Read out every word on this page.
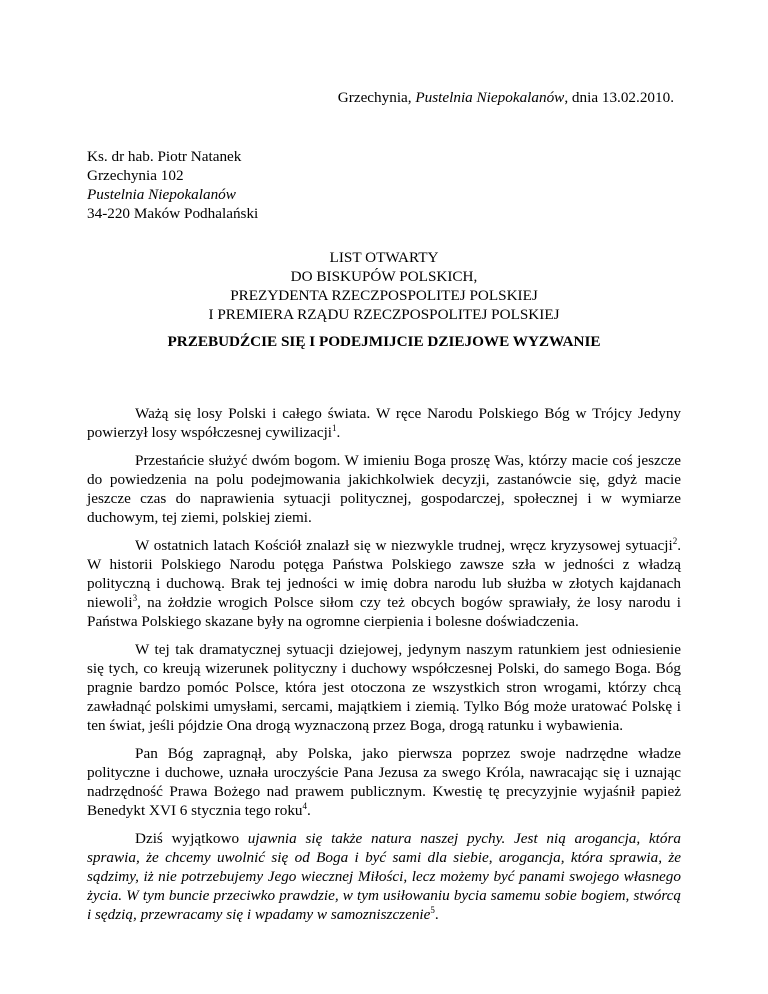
Grzechynia, Pustelnia Niepokalanów, dnia 13.02.2010.
Ks. dr hab. Piotr Natanek
Grzechynia 102
Pustelnia Niepokalanów
34-220 Maków Podhalański
LIST OTWARTY
DO BISKUPÓW POLSKICH,
PREZYDENTA RZECZPOSPOLITEJ POLSKIEJ
I PREMIERA RZĄDU RZECZPOSPOLITEJ POLSKIEJ
PRZEBUDŹCIE SIĘ I PODEJMIJCIE DZIEJOWE WYZWANIE

Ważą się losy Polski i całego świata. W ręce Narodu Polskiego Bóg w Trójcy Jedyny powierzył losy współczesnej cywilizacji$^1$.

Przestańcie służyć dwóm bogom. W imieniu Boga proszę Was, którzy macie coś jeszcze do powiedzenia na polu podejmowania jakichkolwiek decyzji, zastanówcie się, gdyż macie jeszcze czas do naprawienia sytuacji politycznej, gospodarczej, społecznej i w wymiarze duchowym, tej ziemi, polskiej ziemi.

W ostatnich latach Kościół znalazł się w niezwykle trudnej, wręcz kryzysowej sytuacji$^2$. W historii Polskiego Narodu potęga Państwa Polskiego zawsze szła w jedności z władzą polityczną i duchową. Brak tej jedności w imię dobra narodu lub służba w złotych kajdanach niewoli$^3$, na żołdzie wrogich Polsce siłom czy też obcych bogów sprawiały, że losy narodu i Państwa Polskiego skazane były na ogromne cierpienia i bolesne doświadczenia.

W tej tak dramatycznej sytuacji dziejowej, jedynym naszym ratunkiem jest odniesienie się tych, co kreują wizerunek polityczny i duchowy współczesnej Polski, do samego Boga. Bóg pragnie bardzo pomóc Polsce, która jest otoczona ze wszystkich stron wrogami, którzy chcą zawładnąć polskimi umysłami, sercami, majątkiem i ziemią. Tylko Bóg może uratować Polskę i ten świat, jeśli pójdzie Ona drogą wyznaczoną przez Boga, drogą ratunku i wybawienia.

Pan Bóg zapragnął, aby Polska, jako pierwsza poprzez swoje nadrzędne władze polityczne i duchowe, uznała uroczyście Pana Jezusa za swego Króla, nawracając się i uznając nadrzędność Prawa Bożego nad prawem publicznym. Kwestię tę precyzyjnie wyjaśnił papież Benedykt XVI 6 stycznia tego roku$^4$.

Dziś wyjątkowo ujawnia się także natura naszej pychy. Jest nią arogancja, która sprawia, że chcemy uwolnić się od Boga i być sami dla siebie, arogancja, która sprawia, że sądzimy, iż nie potrzebujemy Jego wiecznej Miłości, lecz możemy być panami swojego własnego życia. W tym buncie przeciwko prawdzie, w tym usiłowaniu bycia samemu sobie bogiem, stwórcą i sędzią, przewracamy się i wpadamy w samozniszczenie$^5$.
